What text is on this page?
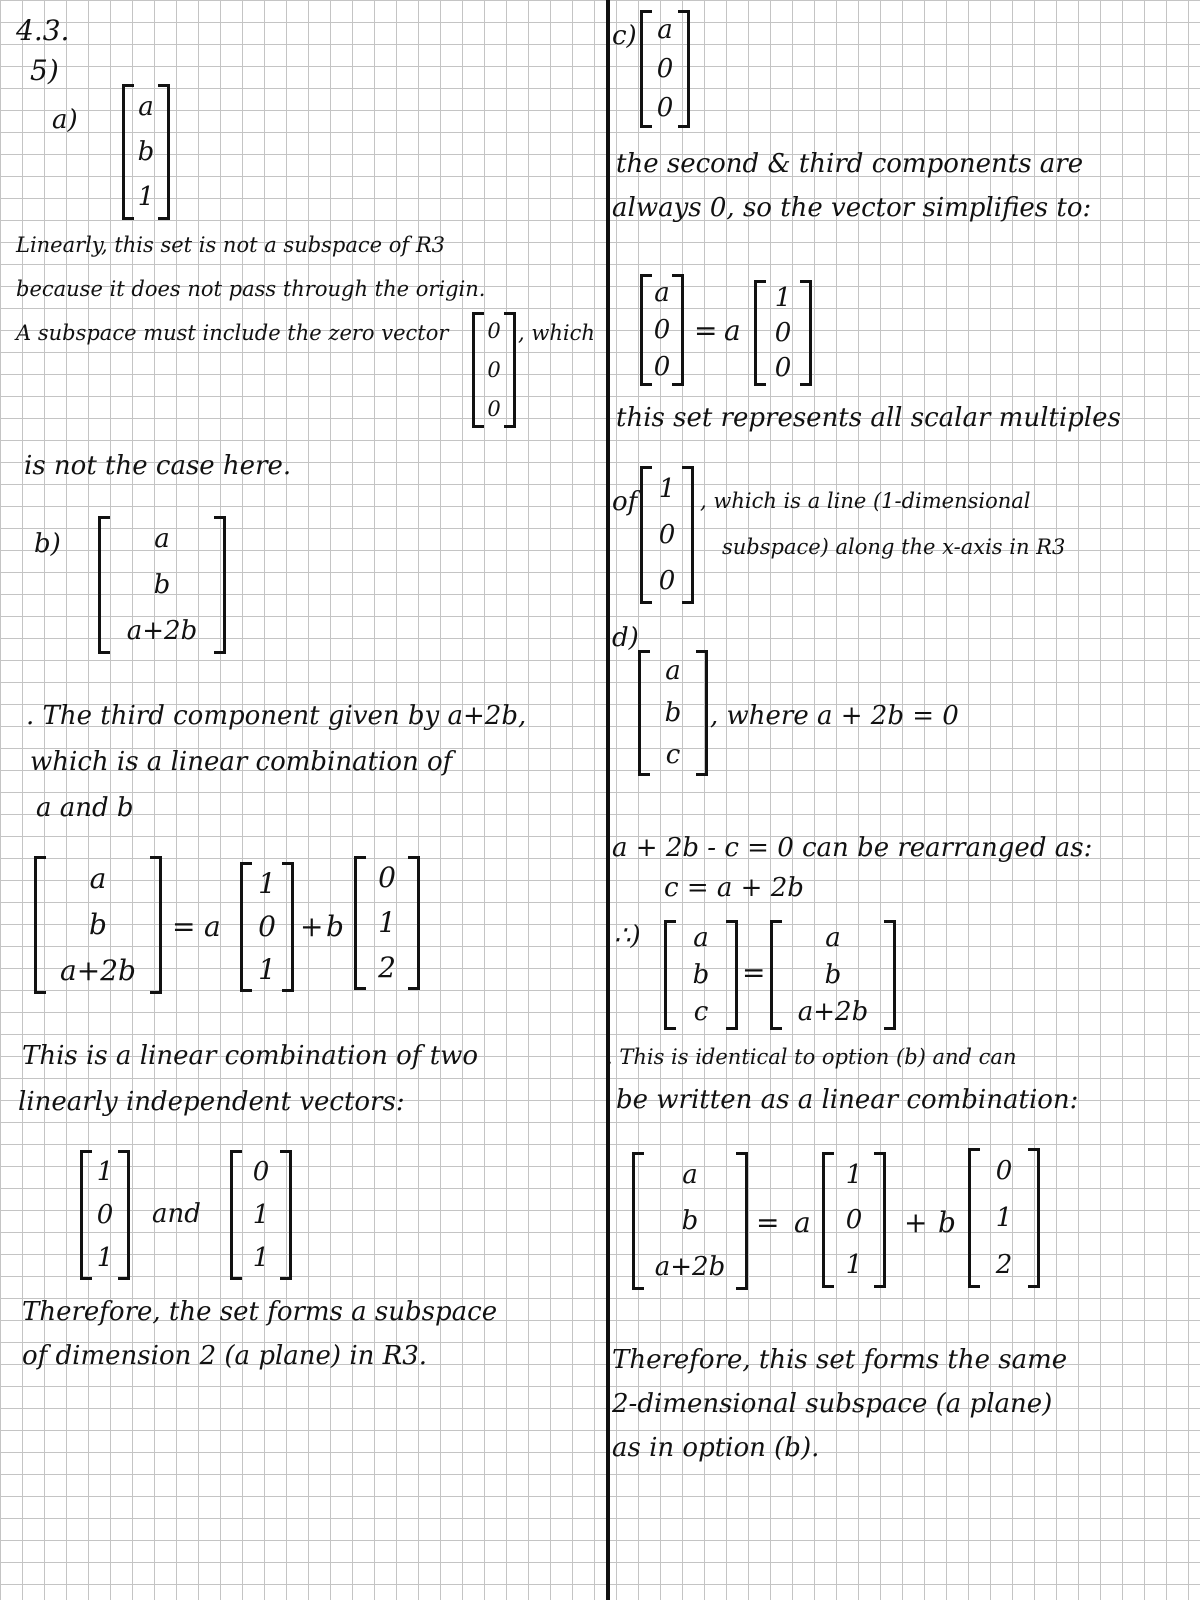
4.3.
5)
a) a
b
1
Linearly, this set is not a subspace of R3
because it does not pass through the origin.
A subspace must include the zero vector 0
0
0
, which
is not the case here.
b)	a
b
a+2b
. The third component given by a+2b,
which is a linear combination of
a and b
a
b
a+2b
= a
1
0
1
+ b
0
1
2
This is a linear combination of two
linearly independent vectors:
1
0
1
and
0
1
1
Therefore, the set forms a subspace
of dimension 2 (a plane) in R3.
c) a
0
0
the second & third components are
always 0, so the vector simplifies to:
a
0
0
= a
1
0
0
this set represents all scalar multiples
of 1
0
0
, which is a line (1-dimensional
subspace) along the x-axis in R3
d)
a
b
c
, where a + 2b = 0
a + 2b - c = 0 can be rearranged as:
c = a + 2b
∴) a
b
c
=
a
b
a+2b
. This is identical to option (b) and can
be written as a linear combination:
a
b
a+2b
= a
1
0
1
+ b
0
1
2
Therefore, this set forms the same
2-dimensional subspace (a plane)
as in option (b).
